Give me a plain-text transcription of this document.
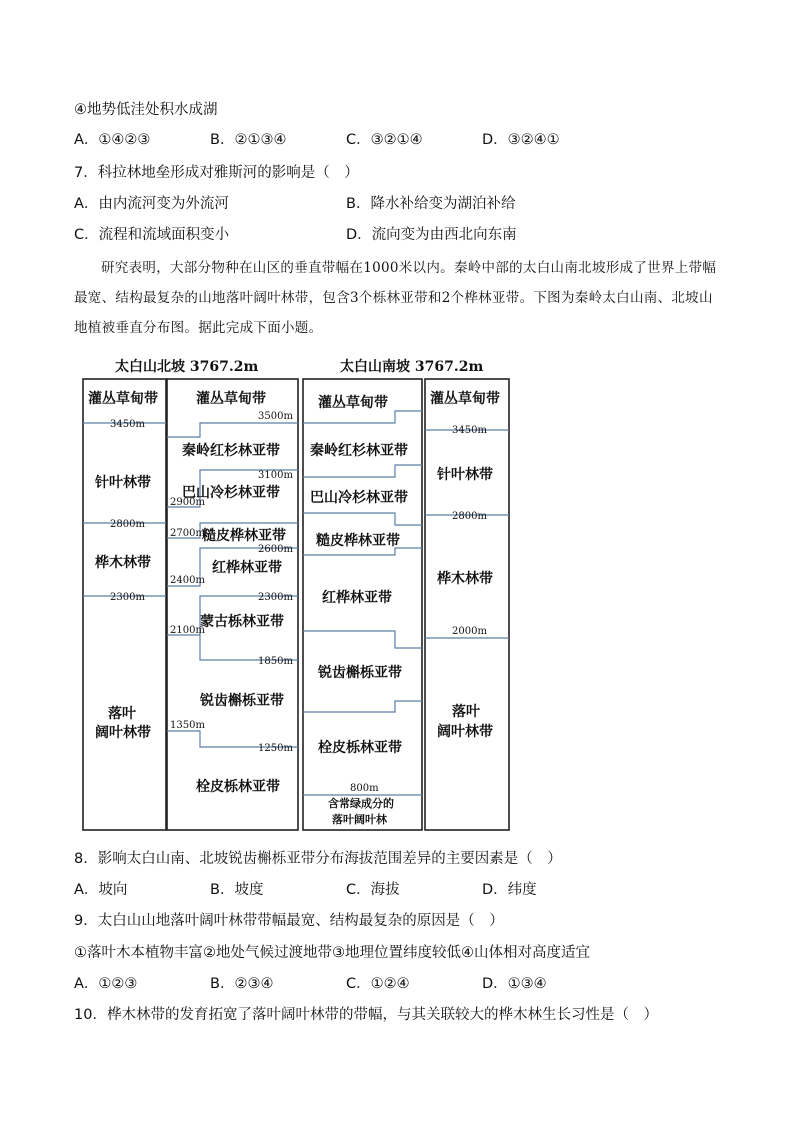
④地势低洼处积水成湖
A．①④②③	B．②①③④	C．③②①④	D．③②④①
7．科拉林地垒形成对雅斯河的影响是（　）
A．由内流河变为外流河	B．降水补给变为湖泊补给
C．流程和流域面积变小	D．流向变为由西北向东南
研究表明，大部分物种在山区的垂直带幅在1000米以内。秦岭中部的太白山南北坡形成了世界上带幅最宽、结构最复杂的山地落叶阔叶林带，包含3个栎林亚带和2个桦林亚带。下图为秦岭太白山南、北坡山地植被垂直分布图。据此完成下面小题。
太白山北坡 3767.2m	太白山南坡 3767.2m
3450m
2800m
2300m
灌丛草甸带
针叶林带
桦木林带
落叶
阔叶林带
3500m
3100m
2600m
2300m
1850m
1250m
2900m
2700m
2400m
2100m
1350m
灌丛草甸带
秦岭红杉林亚带
巴山冷杉林亚带
糙皮桦林亚带
红桦林亚带
蒙古栎林亚带
锐齿槲栎亚带
栓皮栎林亚带
灌丛草甸带
秦岭红杉林亚带
巴山冷杉林亚带
糙皮桦林亚带
红桦林亚带
锐齿槲栎亚带
栓皮栎林亚带
800m
含常绿成分的
落叶阔叶林
3450m
2800m
2000m
灌丛草甸带
针叶林带
桦木林带
落叶
阔叶林带
8．影响太白山南、北坡锐齿槲栎亚带分布海拔范围差异的主要因素是（　）
A．坡向	B．坡度	C．海拔	D．纬度
9．太白山山地落叶阔叶林带带幅最宽、结构最复杂的原因是（　）
①落叶木本植物丰富②地处气候过渡地带③地理位置纬度较低④山体相对高度适宜
A．①②③	B．②③④	C．①②④	D．①③④
10．桦木林带的发育拓宽了落叶阔叶林带的带幅，与其关联较大的桦木林生长习性是（　）
